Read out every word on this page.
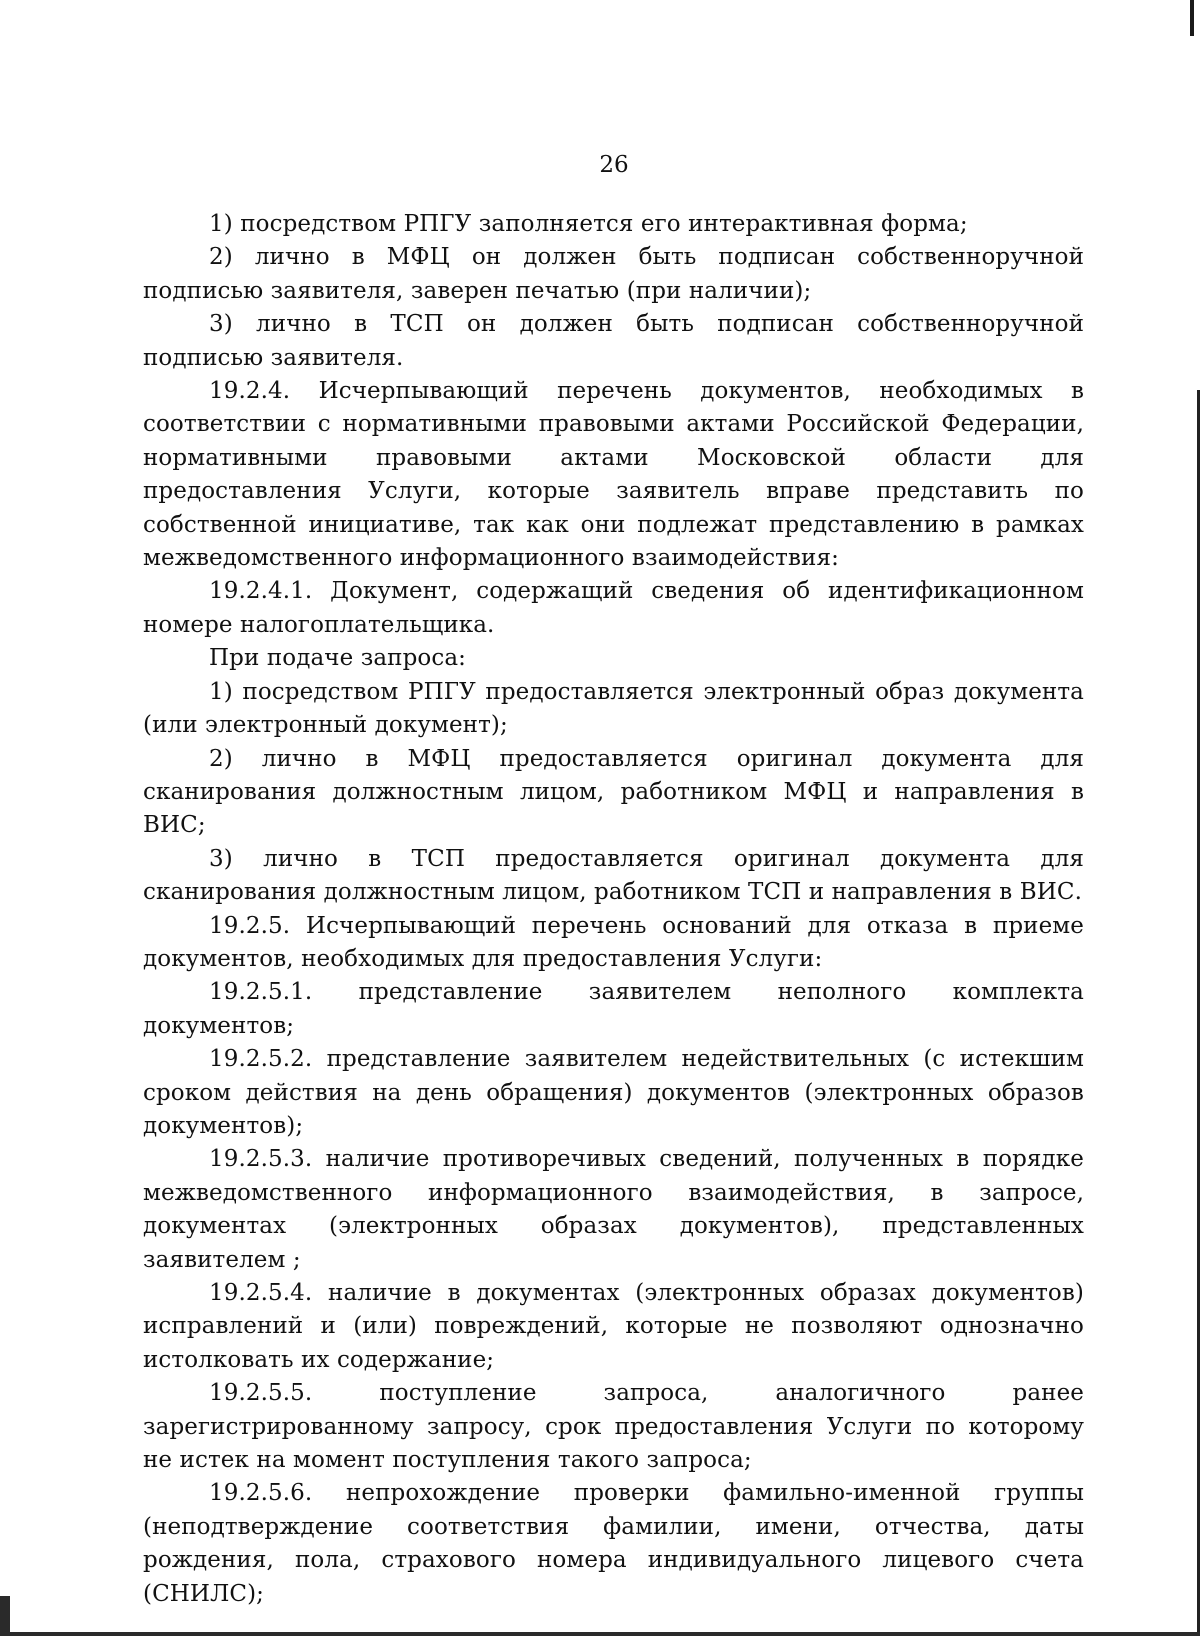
26

1) посредством РПГУ заполняется его интерактивная форма;

2) лично в МФЦ он должен быть подписан собственноручной подписью заявителя, заверен печатью (при наличии);

3) лично в ТСП он должен быть подписан собственноручной подписью заявителя.

19.2.4. Исчерпывающий перечень документов, необходимых в соответствии с нормативными правовыми актами Российской Федерации, нормативными правовыми актами Московской области для предоставления Услуги, которые заявитель вправе представить по собственной инициативе, так как они подлежат представлению в рамках межведомственного информационного взаимодействия:

19.2.4.1. Документ, содержащий сведения об идентификационном номере налогоплательщика.

При подаче запроса:

1) посредством РПГУ предоставляется электронный образ документа (или электронный документ);

2) лично в МФЦ предоставляется оригинал документа для сканирования должностным лицом, работником МФЦ и направления в ВИС;

3) лично в ТСП предоставляется оригинал документа для сканирования должностным лицом, работником ТСП и направления в ВИС.

19.2.5. Исчерпывающий перечень оснований для отказа в приеме документов, необходимых для предоставления Услуги:

19.2.5.1. представление заявителем неполного комплекта документов;

19.2.5.2. представление заявителем недействительных (с истекшим сроком действия на день обращения) документов (электронных образов документов);

19.2.5.3. наличие противоречивых сведений, полученных в порядке межведомственного информационного взаимодействия, в запросе, документах (электронных образах документов), представленных заявителем ;

19.2.5.4. наличие в документах (электронных образах документов) исправлений и (или) повреждений, которые не позволяют однозначно истолковать их содержание;

19.2.5.5. поступление запроса, аналогичного ранее зарегистрированному запросу, срок предоставления Услуги по которому не истек на момент поступления такого запроса;

19.2.5.6. непрохождение проверки фамильно-именной группы (неподтверждение соответствия фамилии, имени, отчества, даты рождения, пола, страхового номера индивидуального лицевого счета (СНИЛС);
